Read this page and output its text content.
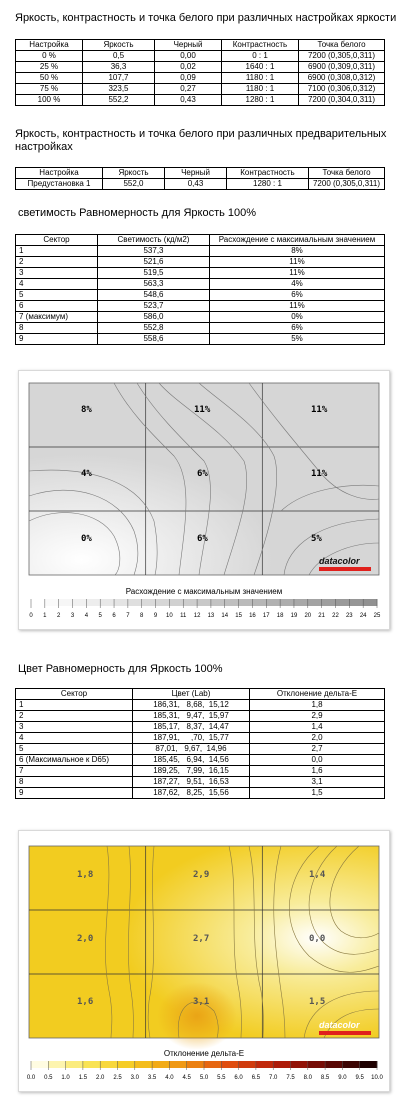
Яркость, контрастность и точка белого при различных настройках яркости
Настройка	Яркость	Черный	Контрастность	Точка белого
0 %	0,5	0,00	0 : 1	7200 (0,305,0,311)
25 %	36,3	0,02	1640 : 1	6900 (0,309,0,311)
50 %	107,7	0,09	1180 : 1	6900 (0,308,0,312)
75 %	323,5	0,27	1180 : 1	7100 (0,306,0,312)
100 %	552,2	0,43	1280 : 1	7200 (0,304,0,311)
Яркость, контрастность и точка белого при различных предварительных
настройках
Настройка	Яркость	Черный	Контрастность	Точка белого
Предустановка 1	552,0	0,43	1280 : 1	7200 (0,305,0,311)
светимость Равномерность для Яркость 100%
Сектор	Светимость (кд/м2)	Расхождение с максимальным значением
1	537,3	8%
2	521,6	11%
3	519,5	11%
4	563,3	4%
5	548,6	6%
6	523,7	11%
7 (максимум)	586,0	0%
8	552,8	6%
9	558,6	5%
8%	11%	11%
4%	6%	11%
0%	6%	5%
datacolor
Расхождение с максимальным значением
0 1 2 3 4 5 6 7 8 9 10 11 12 13 14 15 16 17 18 19 20 21 22 23 24 25
Цвет Равномерность для Яркость 100%
Сектор	Цвет (Lab)	Отклонение дельта-E
1	186,31,   8,68,  15,12	1,8
2	185,31,   9,47,  15,97	2,9
3	185,17,   8,37,  14,47	1,4
4	187,91,     ,70,  15,77	2,0
5	87,01,   9,67,  14,96	2,7
6 (Максимальное к D65)	185,45,   6,94,  14,56	0,0
7	189,25,   7,99,  16,15	1,6
8	187,27,   9,51,  16,53	3,1
9	187,62,   8,25,  15,56	1,5
1,8	2,9	1,4
2,0	2,7	0,0
1,6	3,1	1,5
datacolor
Отклонение дельта-E
0.0 0.5 1.0 1.5 2.0 2.5 3.0 3.5 4.0 4.5 5.0 5.5 6.0 6.5 7.0 7.5 8.0 8.5 9.0 9.5 10.0
